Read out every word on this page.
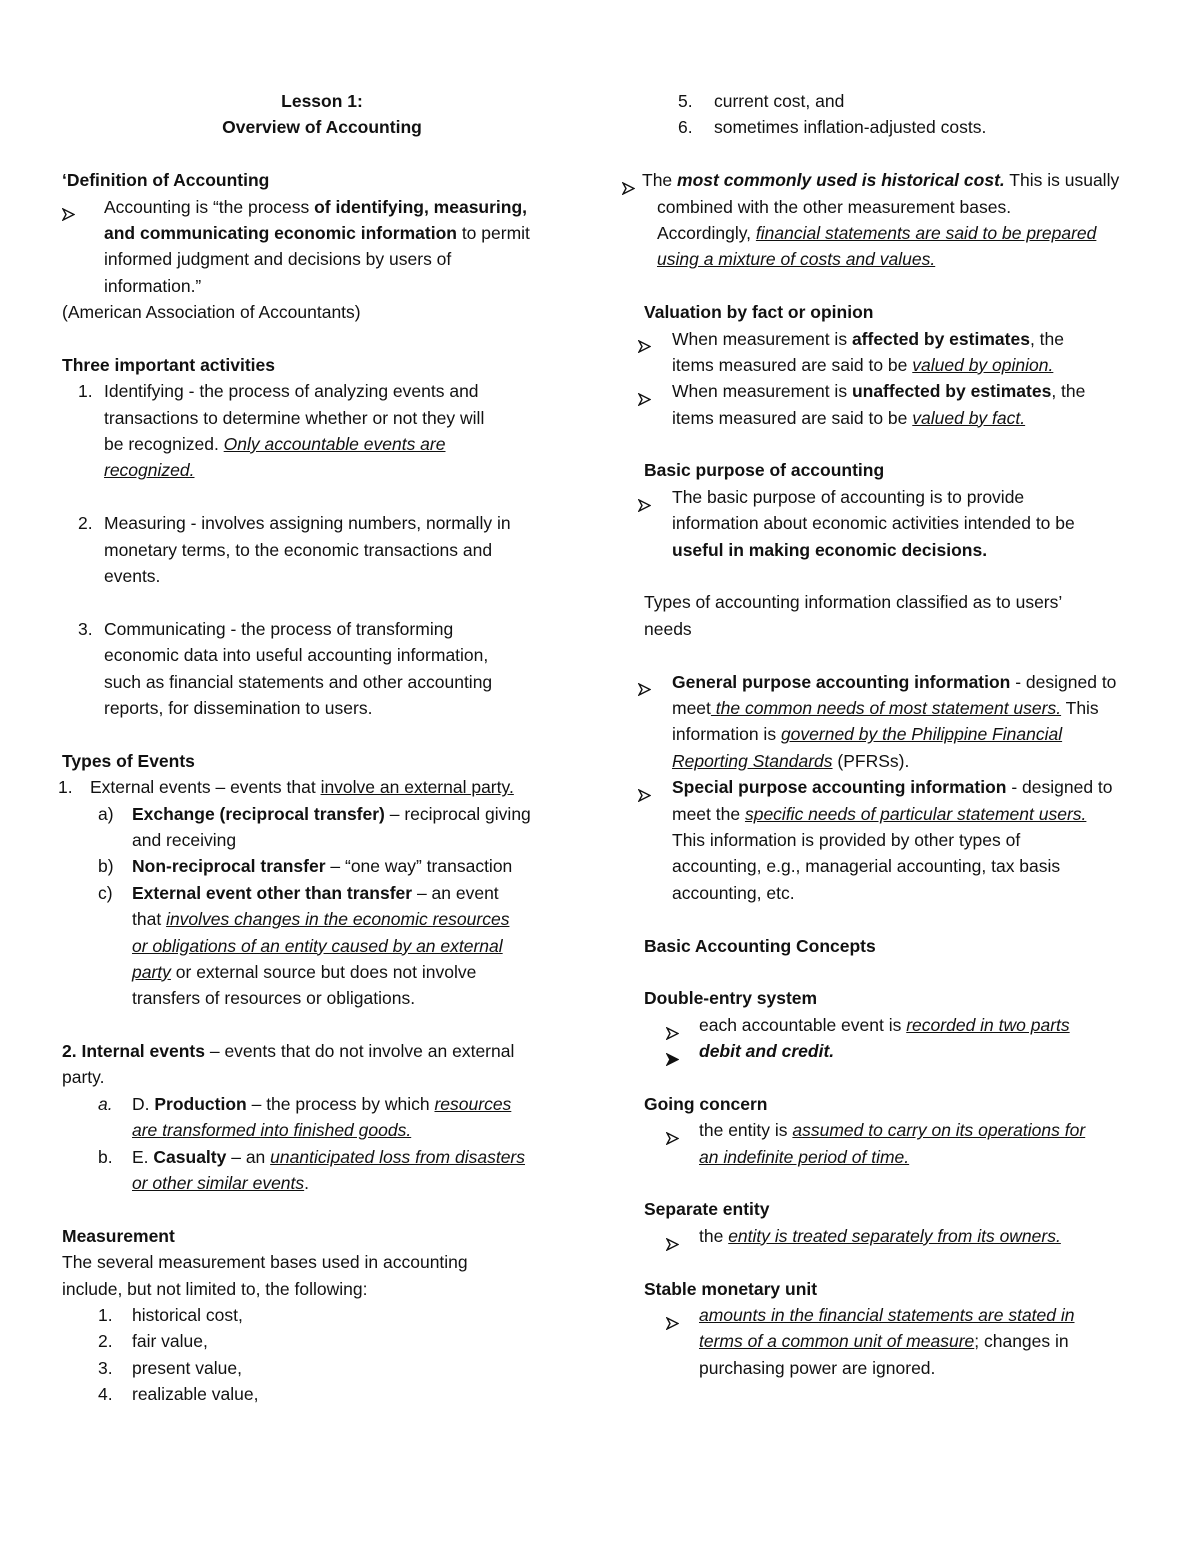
Lesson 1:
Overview of Accounting
‘Definition of Accounting
Accounting is “the process of identifying, measuring,
and communicating economic information to permit
informed judgment and decisions by users of
information.”
(American Association of Accountants)
Three important activities
1. Identifying - the process of analyzing events and
transactions to determine whether or not they will
be recognized. Only accountable events are
recognized.
2. Measuring - involves assigning numbers, normally in
monetary terms, to the economic transactions and
events.
3. Communicating - the process of transforming
economic data into useful accounting information,
such as financial statements and other accounting
reports, for dissemination to users.
Types of Events
1. External events – events that involve an external party.
a) Exchange (reciprocal transfer) – reciprocal giving
and receiving
b) Non-reciprocal transfer – “one way” transaction
c) External event other than transfer – an event
that involves changes in the economic resources
or obligations of an entity caused by an external
party or external source but does not involve
transfers of resources or obligations.
2. Internal events – events that do not involve an external
party.
a. D. Production – the process by which resources
are transformed into finished goods.
b. E. Casualty – an unanticipated loss from disasters
or other similar events.
Measurement
The several measurement bases used in accounting
include, but not limited to, the following:
1. historical cost,
2. fair value,
3. present value,
4. realizable value,
5. current cost, and
6. sometimes inflation-adjusted costs.
The most commonly used is historical cost. This is usually
combined with the other measurement bases.
Accordingly, financial statements are said to be prepared
using a mixture of costs and values.
Valuation by fact or opinion
When measurement is affected by estimates, the
items measured are said to be valued by opinion.
When measurement is unaffected by estimates, the
items measured are said to be valued by fact.
Basic purpose of accounting
The basic purpose of accounting is to provide
information about economic activities intended to be
useful in making economic decisions.
Types of accounting information classified as to users’
needs
General purpose accounting information - designed to
meet the common needs of most statement users. This
information is governed by the Philippine Financial
Reporting Standards (PFRSs).
Special purpose accounting information - designed to
meet the specific needs of particular statement users.
This information is provided by other types of
accounting, e.g., managerial accounting, tax basis
accounting, etc.
Basic Accounting Concepts
Double-entry system
each accountable event is recorded in two parts
debit and credit.
Going concern
the entity is assumed to carry on its operations for
an indefinite period of time.
Separate entity
the entity is treated separately from its owners.
Stable monetary unit
amounts in the financial statements are stated in
terms of a common unit of measure; changes in
purchasing power are ignored.
